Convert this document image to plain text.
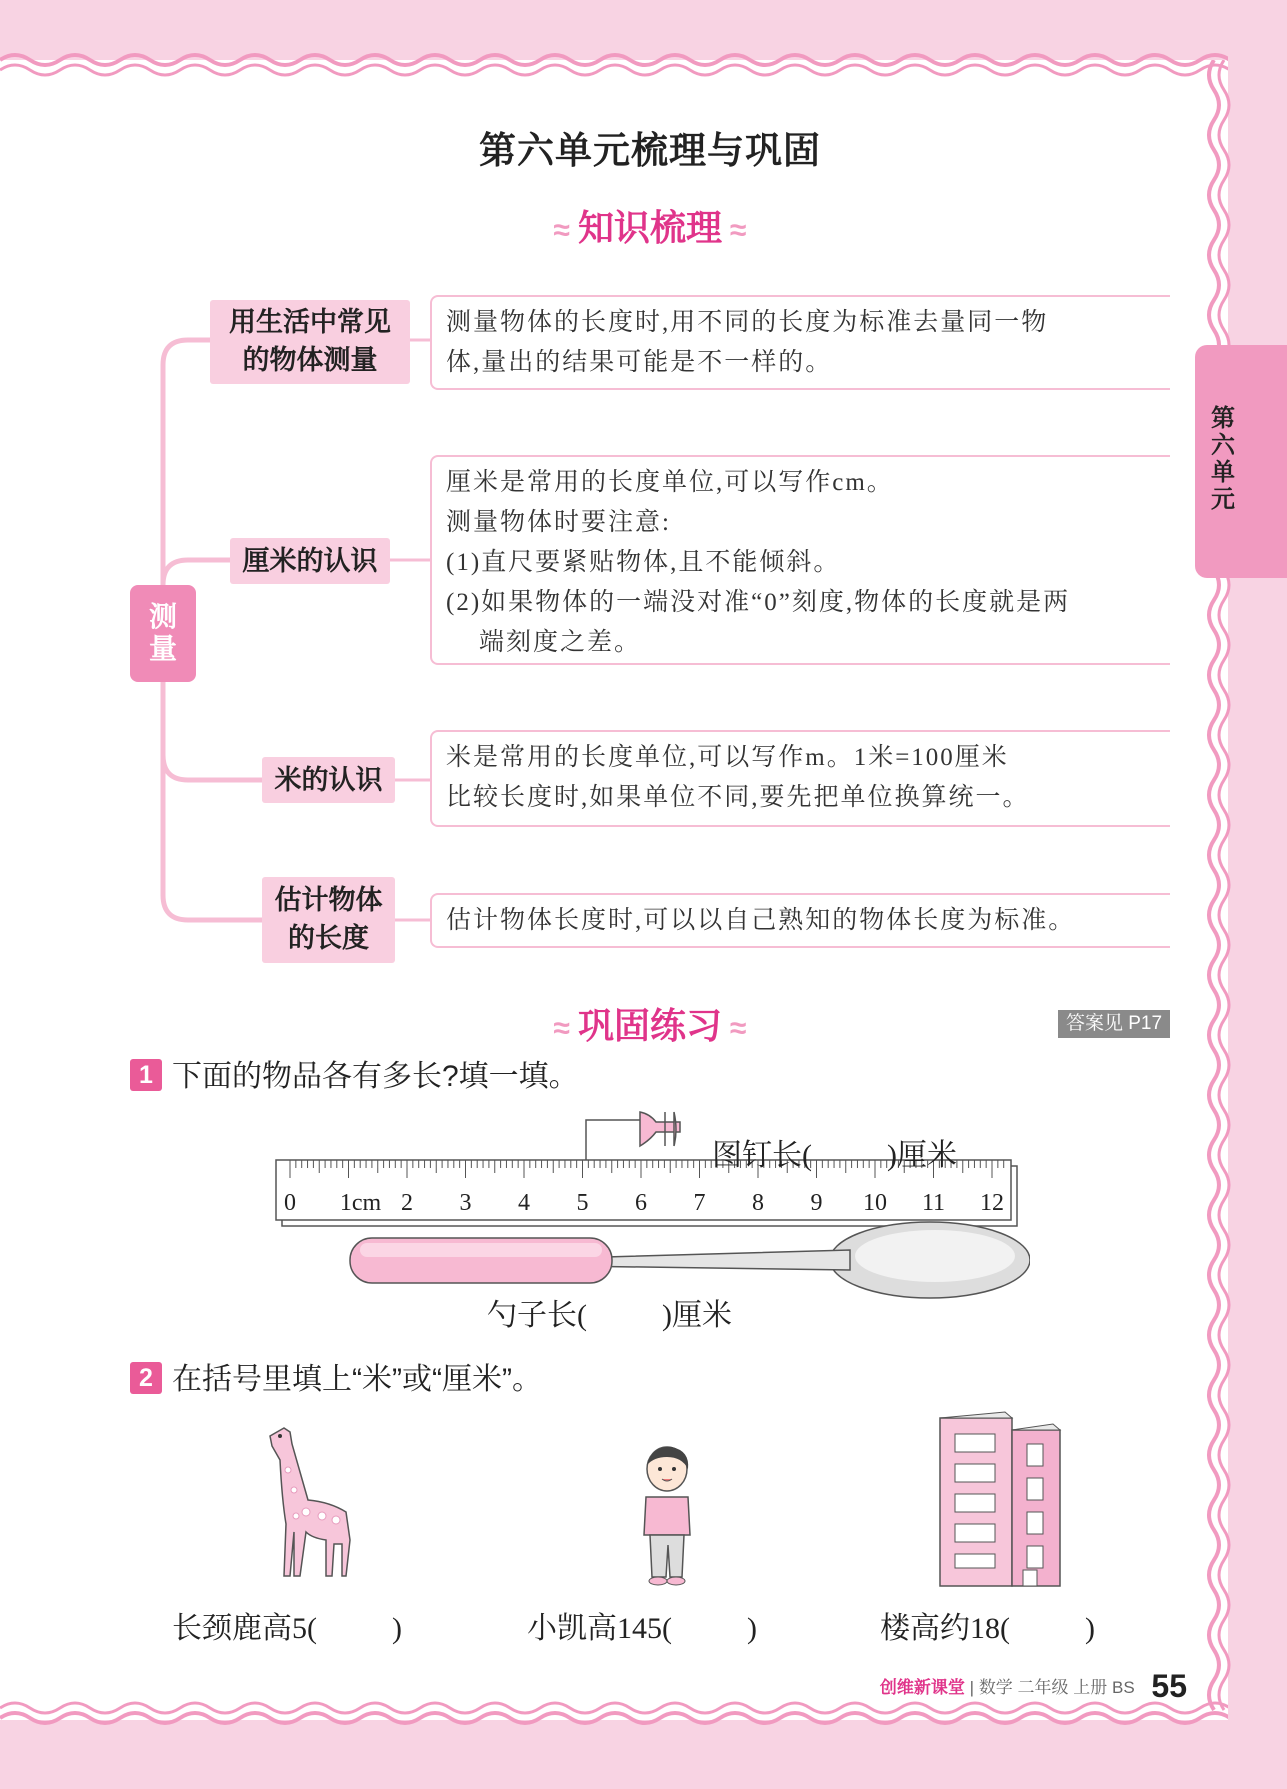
第
六
单
元
第六单元梳理与巩固
≈ 知识梳理 ≈
测量
用生活中常见
的物体测量
测量物体的长度时,用不同的长度为标准去量同一物
体,量出的结果可能是不一样的。
厘米的认识
厘米是常用的长度单位,可以写作cm。
测量物体时要注意:
(1)直尺要紧贴物体,且不能倾斜。
(2)如果物体的一端没对准“0”刻度,物体的长度就是两
端刻度之差。
米的认识
米是常用的长度单位,可以写作m。1米=100厘米
比较长度时,如果单位不同,要先把单位换算统一。
估计物体
的长度
估计物体长度时,可以以自己熟知的物体长度为标准。
≈ 巩固练习 ≈	答案见 P17
1 下面的物品各有多长?填一填。
0 1cm 2 3 4 5 6 7 8 9 10 11 12
图钉长(          )厘米
勺子长(          )厘米
2 在括号里填上“米”或“厘米”。
长颈鹿高5(          )	小凯高145(          )	楼高约18(          )
创维新课堂 | 数学 二年级 上册 BS 55
